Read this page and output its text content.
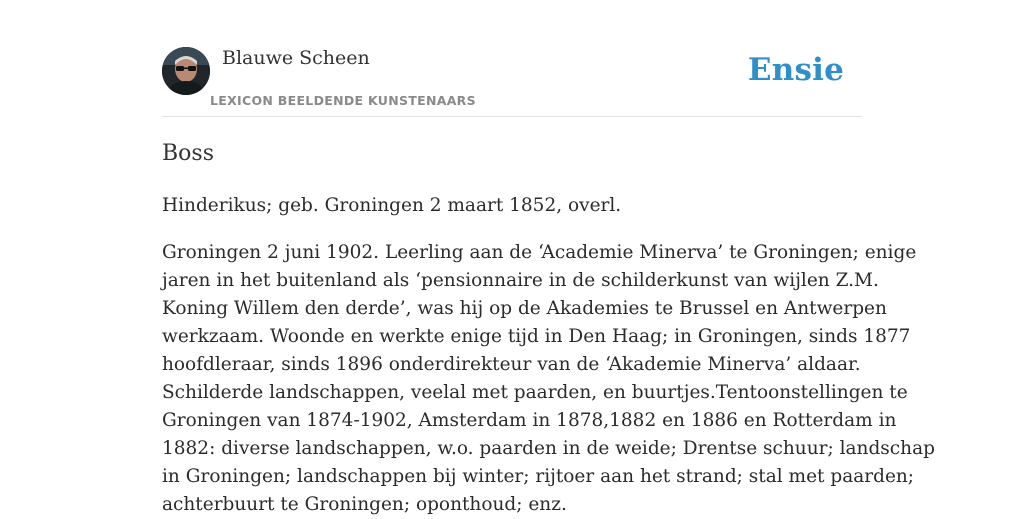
Blauwe Scheen
LEXICON BEELDENDE KUNSTENAARS
Ensie
Boss

Hinderikus; geb. Groningen 2 maart 1852, overl.

Groningen 2 juni 1902. Leerling aan de ‘Academie Minerva’ te Groningen; enige
jaren in het buitenland als ‘pensionnaire in de schilderkunst van wijlen Z.M.
Koning Willem den derde’, was hij op de Akademies te Brussel en Antwerpen
werkzaam. Woonde en werkte enige tijd in Den Haag; in Groningen, sinds 1877
hoofdleraar, sinds 1896 onderdirekteur van de ‘Akademie Minerva’ aldaar.
Schilderde landschappen, veelal met paarden, en buurtjes.Tentoonstellingen te
Groningen van 1874-1902, Amsterdam in 1878,1882 en 1886 en Rotterdam in
1882: diverse landschappen, w.o. paarden in de weide; Drentse schuur; landschap
in Groningen; landschappen bij winter; rijtoer aan het strand; stal met paarden;
achterbuurt te Groningen; oponthoud; enz.
